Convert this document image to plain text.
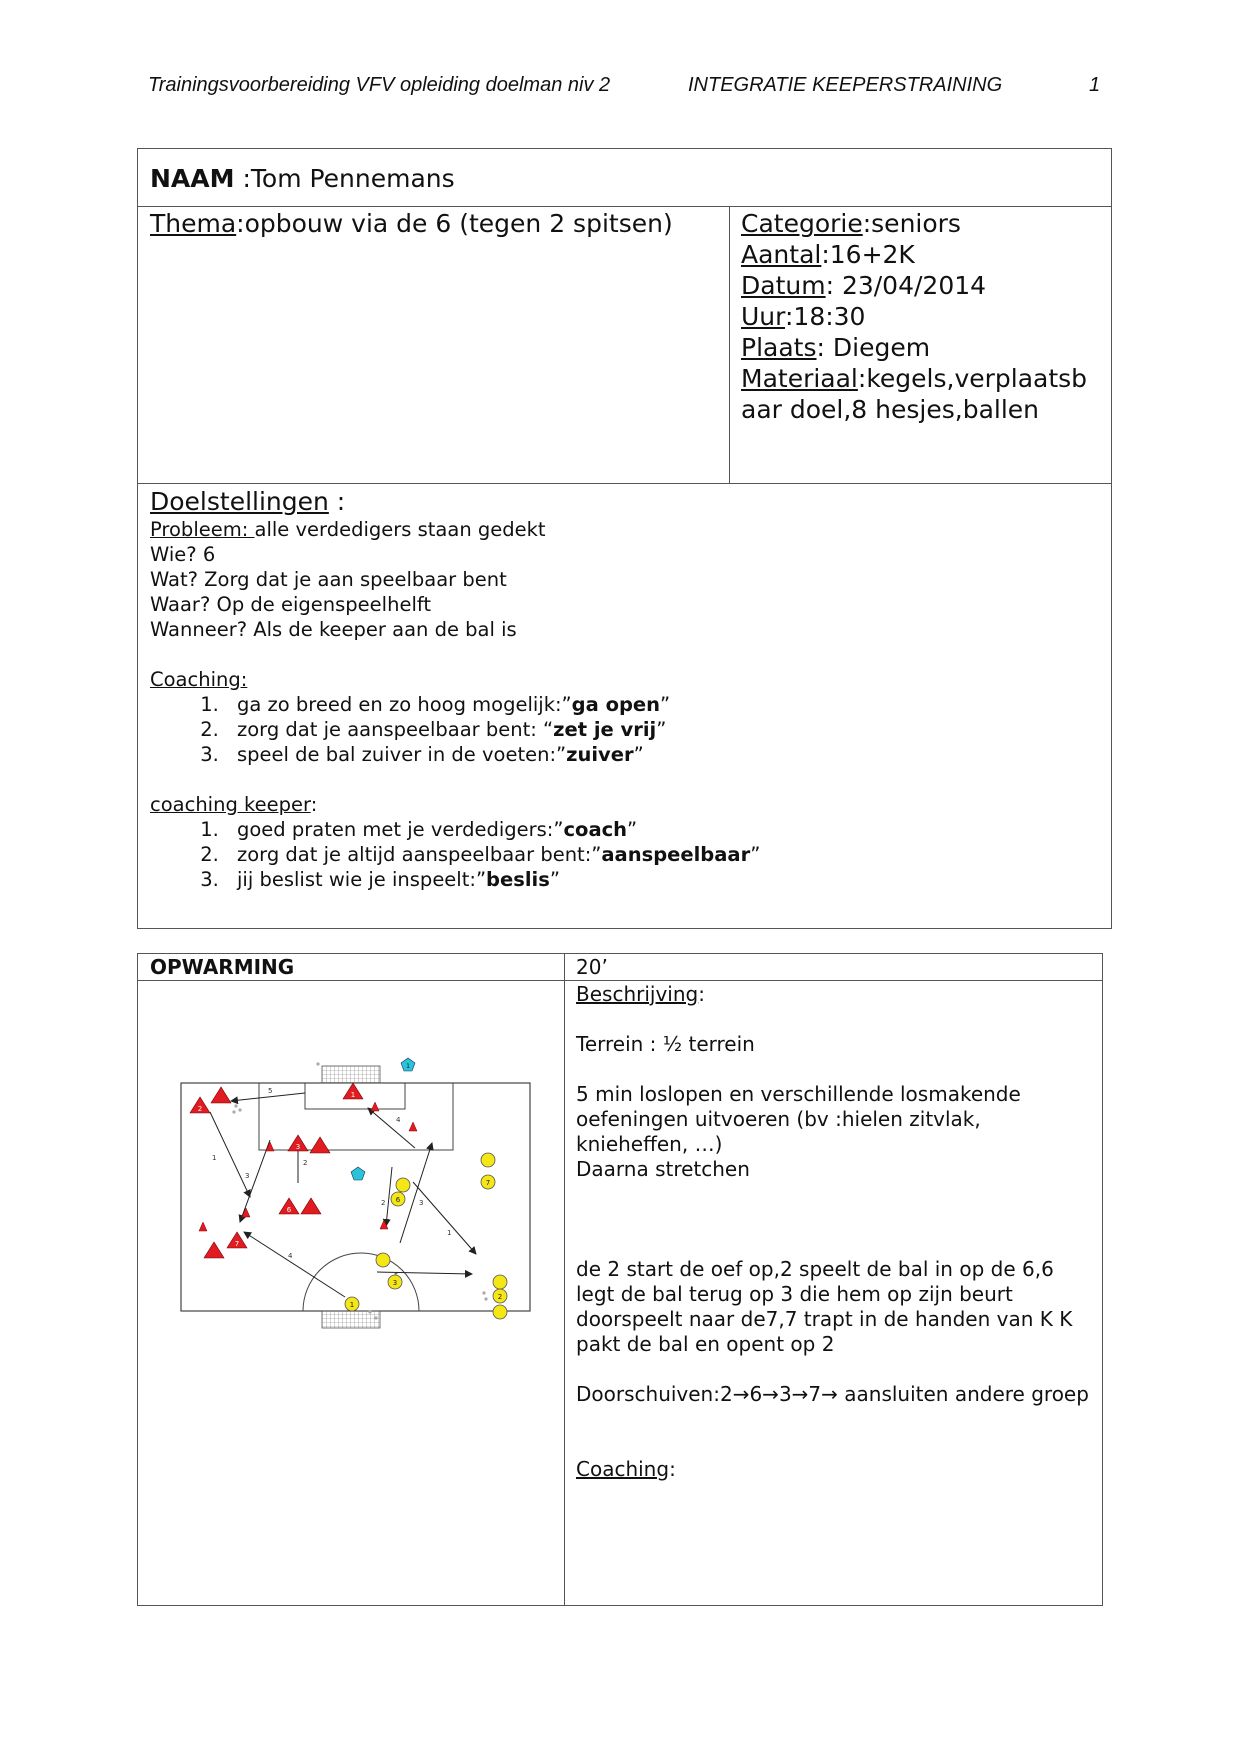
Trainingsvoorbereiding VFV opleiding doelman niv 2	INTEGRATIE KEEPERSTRAINING	1
NAAM :Tom Pennemans
Thema:opbouw via de 6 (tegen 2 spitsen)	Categorie:seniors
Aantal:16+2K
Datum: 23/04/2014
Uur:18:30
Plaats: Diegem
Materiaal:kegels,verplaatsb
aar doel,8 hesjes,ballen
Doelstellingen :
Probleem: alle verdedigers staan gedekt
Wie? 6
Wat? Zorg dat je aan speelbaar bent
Waar? Op de eigenspeelhelft
Wanneer? Als de keeper aan de bal is
Coaching:
1. ga zo breed en zo hoog mogelijk:”ga open”
2. zorg dat je aanspeelbaar bent: “zet je vrij”
3. speel de bal zuiver in de voeten:”zuiver”
coaching keeper:
1. goed praten met je verdedigers:”coach”
2. zorg dat je altijd aanspeelbaar bent:”aanspeelbaar”
3. jij beslist wie je inspeelt:”beslis”
OPWARMING	20’
Beschrijving:
Terrein : ½ terrein
5 min loslopen en verschillende losmakende oefeningen uitvoeren (bv :hielen zitvlak, knieheffen, …)
Daarna stretchen
de 2 start de oef op,2 speelt de bal in op de 6,6 legt de bal terug op 3 die hem op zijn beurt doorspeelt naar de7,7 trapt in de handen van K K pakt de bal en opent op 2
Doorschuiven:2→6→3→7→ aansluiten andere groep
Coaching:
5
4
1
3
2
4
2
1
3
2
3
6
7
1
7
6
3
1
2
1
